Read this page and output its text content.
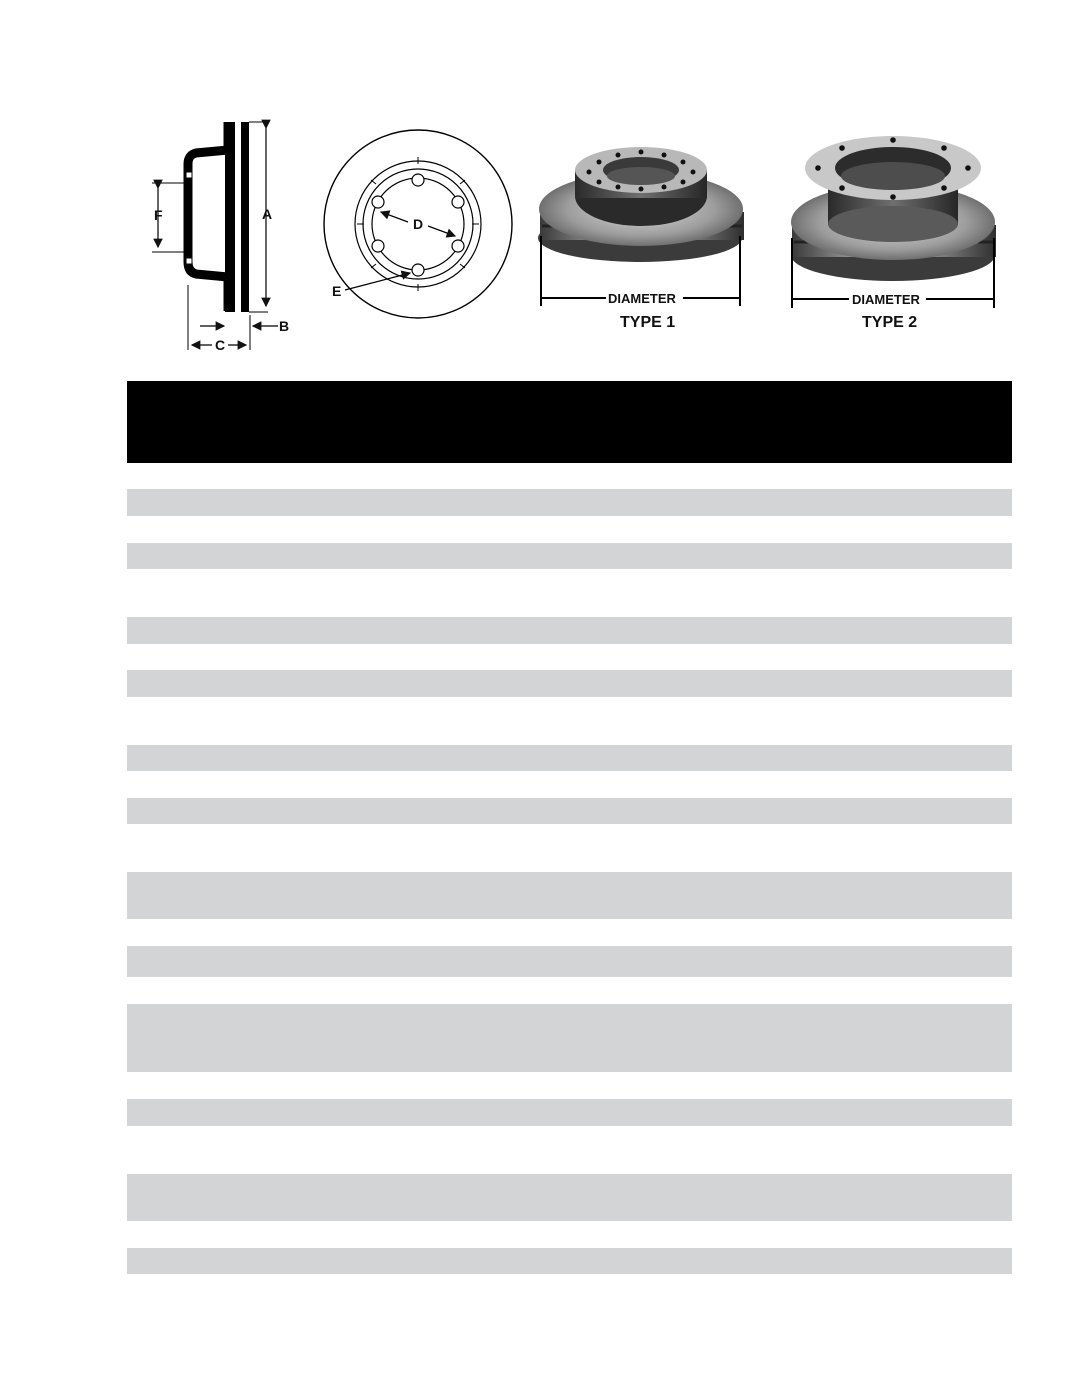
A
B
C
F
D
E	DIAMETER
TYPE 1
DIAMETER
TYPE 2
